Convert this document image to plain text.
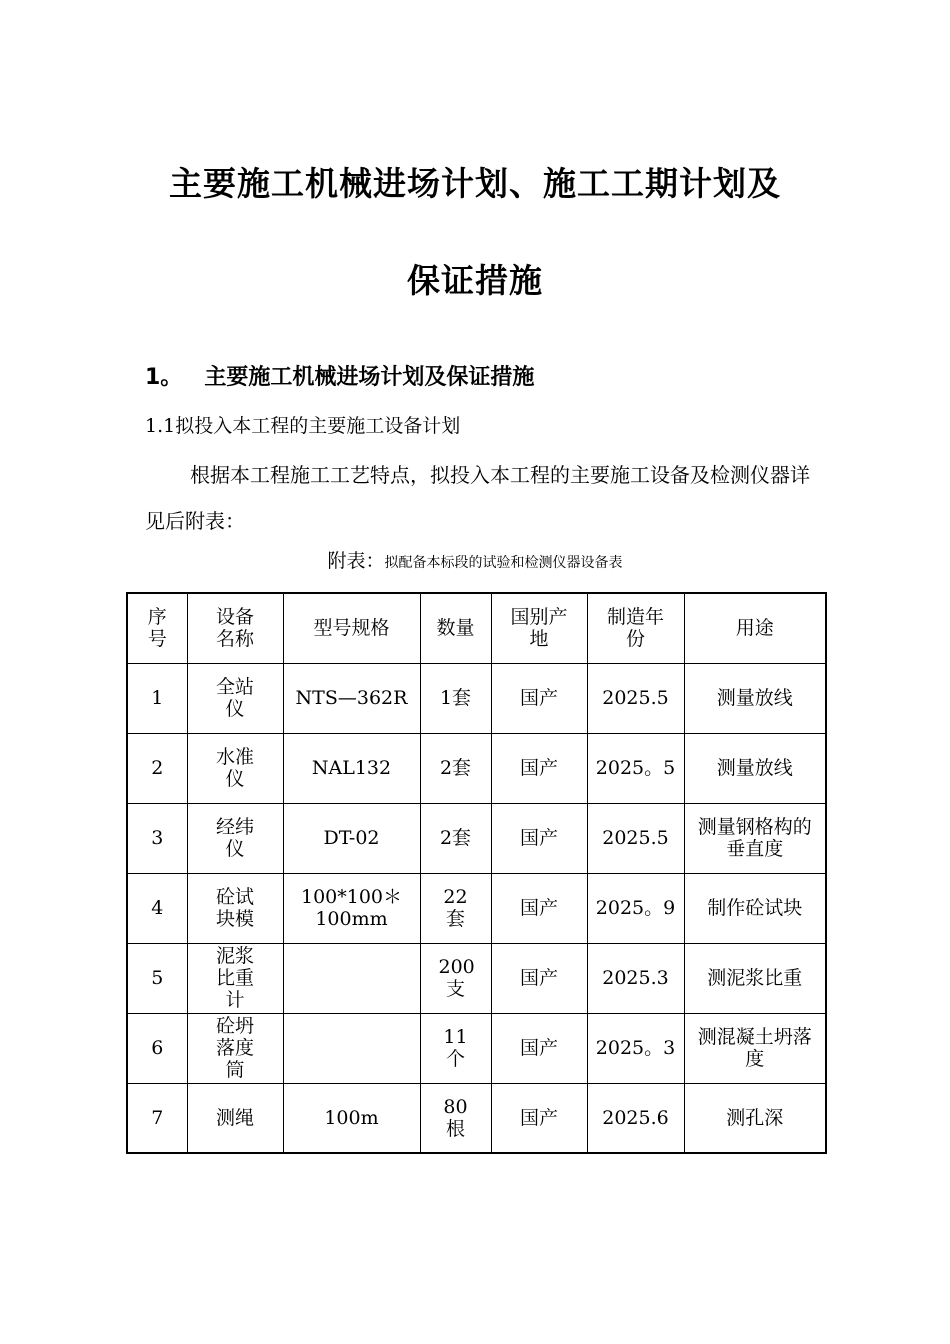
主要施工机械进场计划、施工工期计划及
保证措施
1。 主要施工机械进场计划及保证措施
1.1拟投入本工程的主要施工设备计划
根据本工程施工工艺特点，拟投入本工程的主要施工设备及检测仪器详见后附表：
附表：拟配备本标段的试验和检测仪器设备表
序号	设备名称	型号规格	数量	国别产地	制造年份	用途
1	全站仪	NTS—362R	1套	国产	2025.5	测量放线
2	水准仪	NAL132	2套	国产	2025。5	测量放线
3	经纬仪	DT-02	2套	国产	2025.5	测量钢格构的垂直度
4	砼试块模	100*100＊100mm	22套	国产	2025。9	制作砼试块
5	泥浆比重计		200支	国产	2025.3	测泥浆比重
6	砼坍落度筒		11个	国产	2025。3	测混凝土坍落度
7	测绳	100m	80根	国产	2025.6	测孔深
